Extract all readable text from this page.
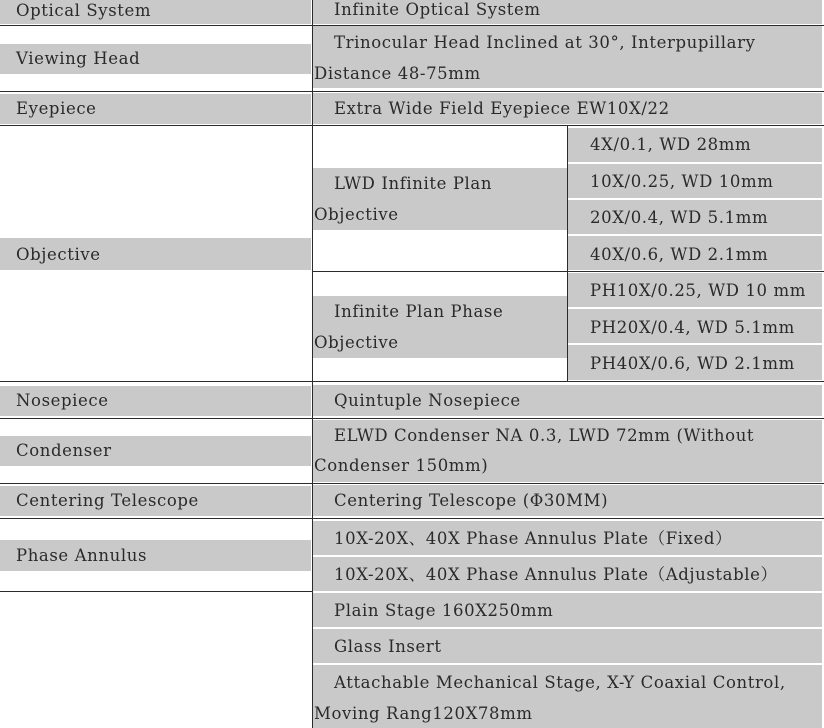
Optical System
Viewing Head
Eyepiece
Objective
Nosepiece
Condenser
Centering Telescope
Phase Annulus
Infinite Optical System
Trinocular Head Inclined at 30°, Interpupillary
Distance 48-75mm
Extra Wide Field Eyepiece EW10X/22
LWD Infinite Plan
Objective
4X/0.1, WD 28mm
10X/0.25, WD 10mm
20X/0.4, WD 5.1mm
40X/0.6, WD 2.1mm
Infinite Plan Phase
Objective
PH10X/0.25, WD 10 mm
PH20X/0.4, WD 5.1mm
PH40X/0.6, WD 2.1mm
Quintuple Nosepiece
ELWD Condenser NA 0.3, LWD 72mm (Without
Condenser 150mm)
Centering Telescope (Φ30MM)
10X-20X、40X Phase Annulus Plate（Fixed）
10X-20X、40X Phase Annulus Plate（Adjustable）
Plain Stage 160X250mm
Glass Insert
Attachable Mechanical Stage, X-Y Coaxial Control,
Moving Rang120X78mm
